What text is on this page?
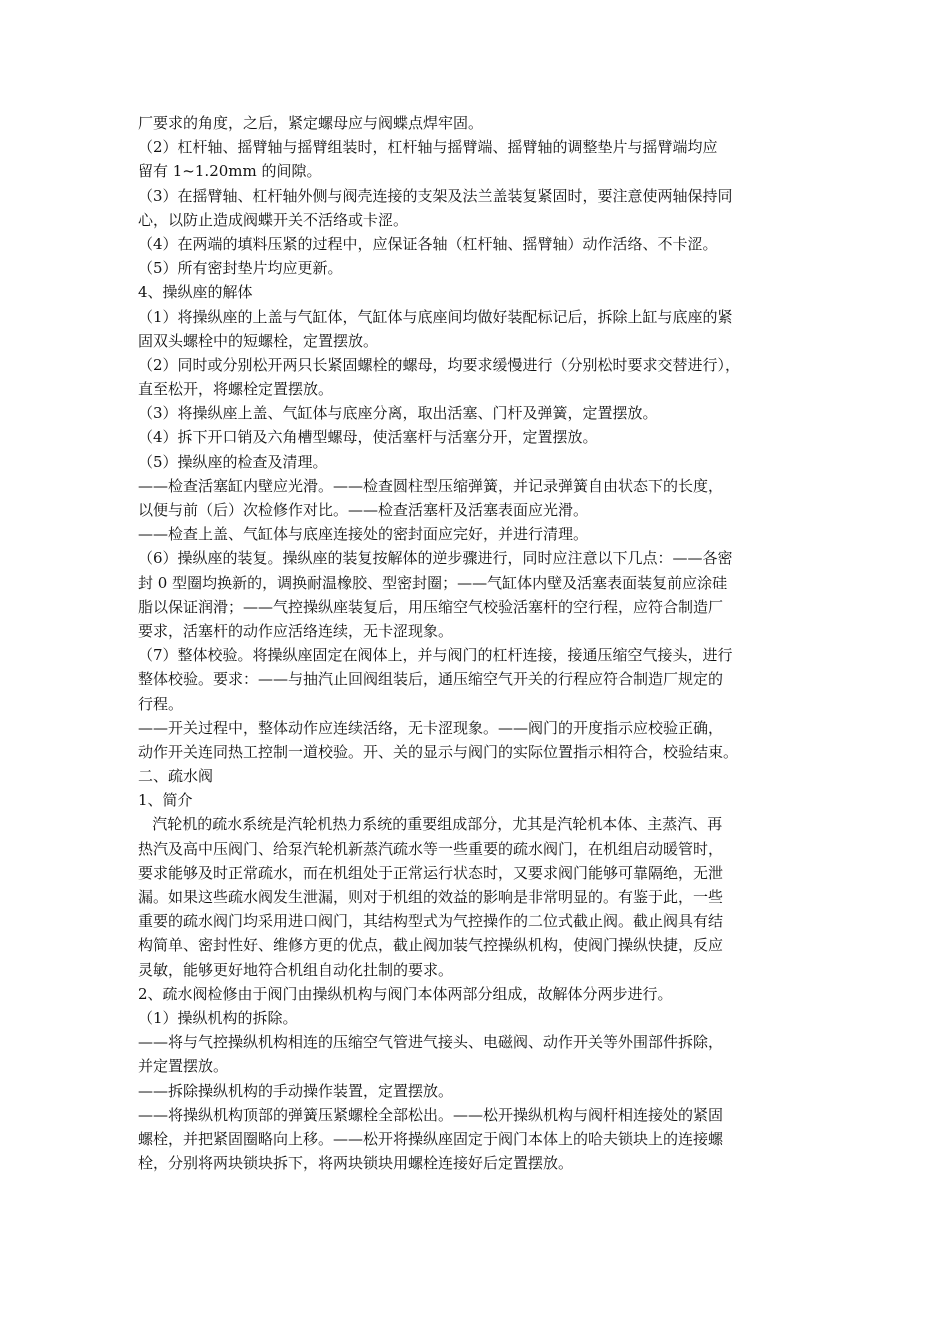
厂要求的角度，之后，紧定螺母应与阀蝶点焊牢固。
（2）杠杆轴、摇臂轴与摇臂组装时，杠杆轴与摇臂端、摇臂轴的调整垫片与摇臂端均应
留有 1~1.20mm 的间隙。
（3）在摇臂轴、杠杆轴外侧与阀壳连接的支架及法兰盖装复紧固时，要注意使两轴保持同
心，以防止造成阀蝶开关不活络或卡涩。
（4）在两端的填料压紧的过程中，应保证各轴（杠杆轴、摇臂轴）动作活络、不卡涩。
（5）所有密封垫片均应更新。
4、操纵座的解体
（1）将操纵座的上盖与气缸体，气缸体与底座间均做好装配标记后，拆除上缸与底座的紧
固双头螺栓中的短螺栓，定置摆放。
（2）同时或分别松开两只长紧固螺栓的螺母，均要求缓慢进行（分别松时要求交替进行），
直至松开，将螺栓定置摆放。
（3）将操纵座上盖、气缸体与底座分离，取出活塞、门杆及弹簧，定置摆放。
（4）拆下开口销及六角槽型螺母，使活塞杆与活塞分开，定置摆放。
（5）操纵座的检查及清理。
——检查活塞缸内壁应光滑。——检查圆柱型压缩弹簧，并记录弹簧自由状态下的长度，
以便与前（后）次检修作对比。——检查活塞杆及活塞表面应光滑。
——检查上盖、气缸体与底座连接处的密封面应完好，并进行清理。
（6）操纵座的装复。操纵座的装复按解体的逆步骤进行，同时应注意以下几点：——各密
封 0 型圈均换新的，调换耐温橡胶、型密封圈；——气缸体内壁及活塞表面装复前应涂硅
脂以保证润滑；——气控操纵座装复后，用压缩空气校验活塞杆的空行程，应符合制造厂
要求，活塞杆的动作应活络连续，无卡涩现象。
（7）整体校验。将操纵座固定在阀体上，并与阀门的杠杆连接，接通压缩空气接头，进行
整体校验。要求：——与抽汽止回阀组装后，通压缩空气开关的行程应符合制造厂规定的
行程。
——开关过程中，整体动作应连续活络，无卡涩现象。——阀门的开度指示应校验正确，
动作开关连同热工控制一道校验。开、关的显示与阀门的实际位置指示相符合，校验结束。
二、疏水阀
1、简介
汽轮机的疏水系统是汽轮机热力系统的重要组成部分，尤其是汽轮机本体、主蒸汽、再
热汽及高中压阀门、给泵汽轮机新蒸汽疏水等一些重要的疏水阀门，在机组启动暖管时，
要求能够及时正常疏水，而在机组处于正常运行状态时，又要求阀门能够可靠隔绝，无泄
漏。如果这些疏水阀发生泄漏，则对于机组的效益的影响是非常明显的。有鉴于此，一些
重要的疏水阀门均采用进口阀门，其结构型式为气控操作的二位式截止阀。截止阀具有结
构简单、密封性好、维修方更的优点，截止阀加装气控操纵机构，使阀门操纵快捷，反应
灵敏，能够更好地符合机组自动化扗制的要求。
2、疏水阀检修由于阀门由操纵机构与阀门本体两部分组成，故解体分两步进行。
（1）操纵机构的拆除。
——将与气控操纵机构相连的压缩空气管进气接头、电磁阀、动作开关等外围部件拆除，
并定置摆放。
——拆除操纵机构的手动操作装置，定置摆放。
——将操纵机构顶部的弹簧压紧螺栓全部松出。——松开操纵机构与阀杆相连接处的紧固
螺栓，并把紧固圈略向上移。——松开将操纵座固定于阀门本体上的哈夫锁块上的连接螺
栓，分别将两块锁块拆下，将两块锁块用螺栓连接好后定置摆放。
